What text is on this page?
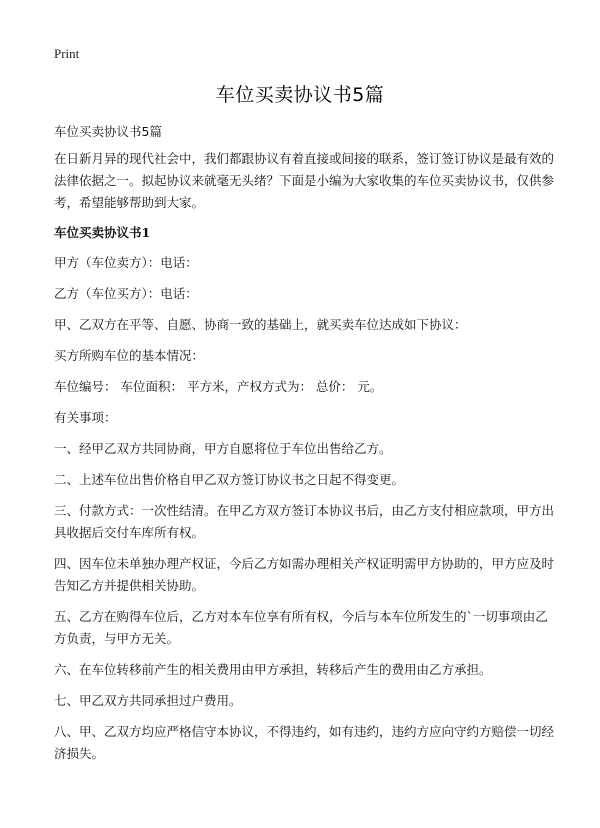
Print
车位买卖协议书5篇

车位买卖协议书5篇

在日新月异的现代社会中，我们都跟协议有着直接或间接的联系，签订签订协议是最有效的法律依据之一。拟起协议来就毫无头绪？下面是小编为大家收集的车位买卖协议书，仅供参考，希望能够帮助到大家。

车位买卖协议书1

甲方（车位卖方）：电话：

乙方（车位买方）：电话：

甲、乙双方在平等、自愿、协商一致的基础上，就买卖车位达成如下协议：

买方所购车位的基本情况：

车位编号： 车位面积： 平方米，产权方式为： 总价： 元。

有关事项：

一、经甲乙双方共同协商，甲方自愿将位于车位出售给乙方。

二、上述车位出售价格自甲乙双方签订协议书之日起不得变更。

三、付款方式：一次性结清。在甲乙方双方签订本协议书后，由乙方支付相应款项，甲方出具收据后交付车库所有权。

四、因车位未单独办理产权证，今后乙方如需办理相关产权证明需甲方协助的，甲方应及时告知乙方并提供相关协助。

五、乙方在购得车位后，乙方对本车位享有所有权，今后与本车位所发生的`一切事项由乙方负责，与甲方无关。

六、在车位转移前产生的相关费用由甲方承担，转移后产生的费用由乙方承担。

七、甲乙双方共同承担过户费用。

八、甲、乙双方均应严格信守本协议，不得违约，如有违约，违约方应向守约方赔偿一切经济损失。
